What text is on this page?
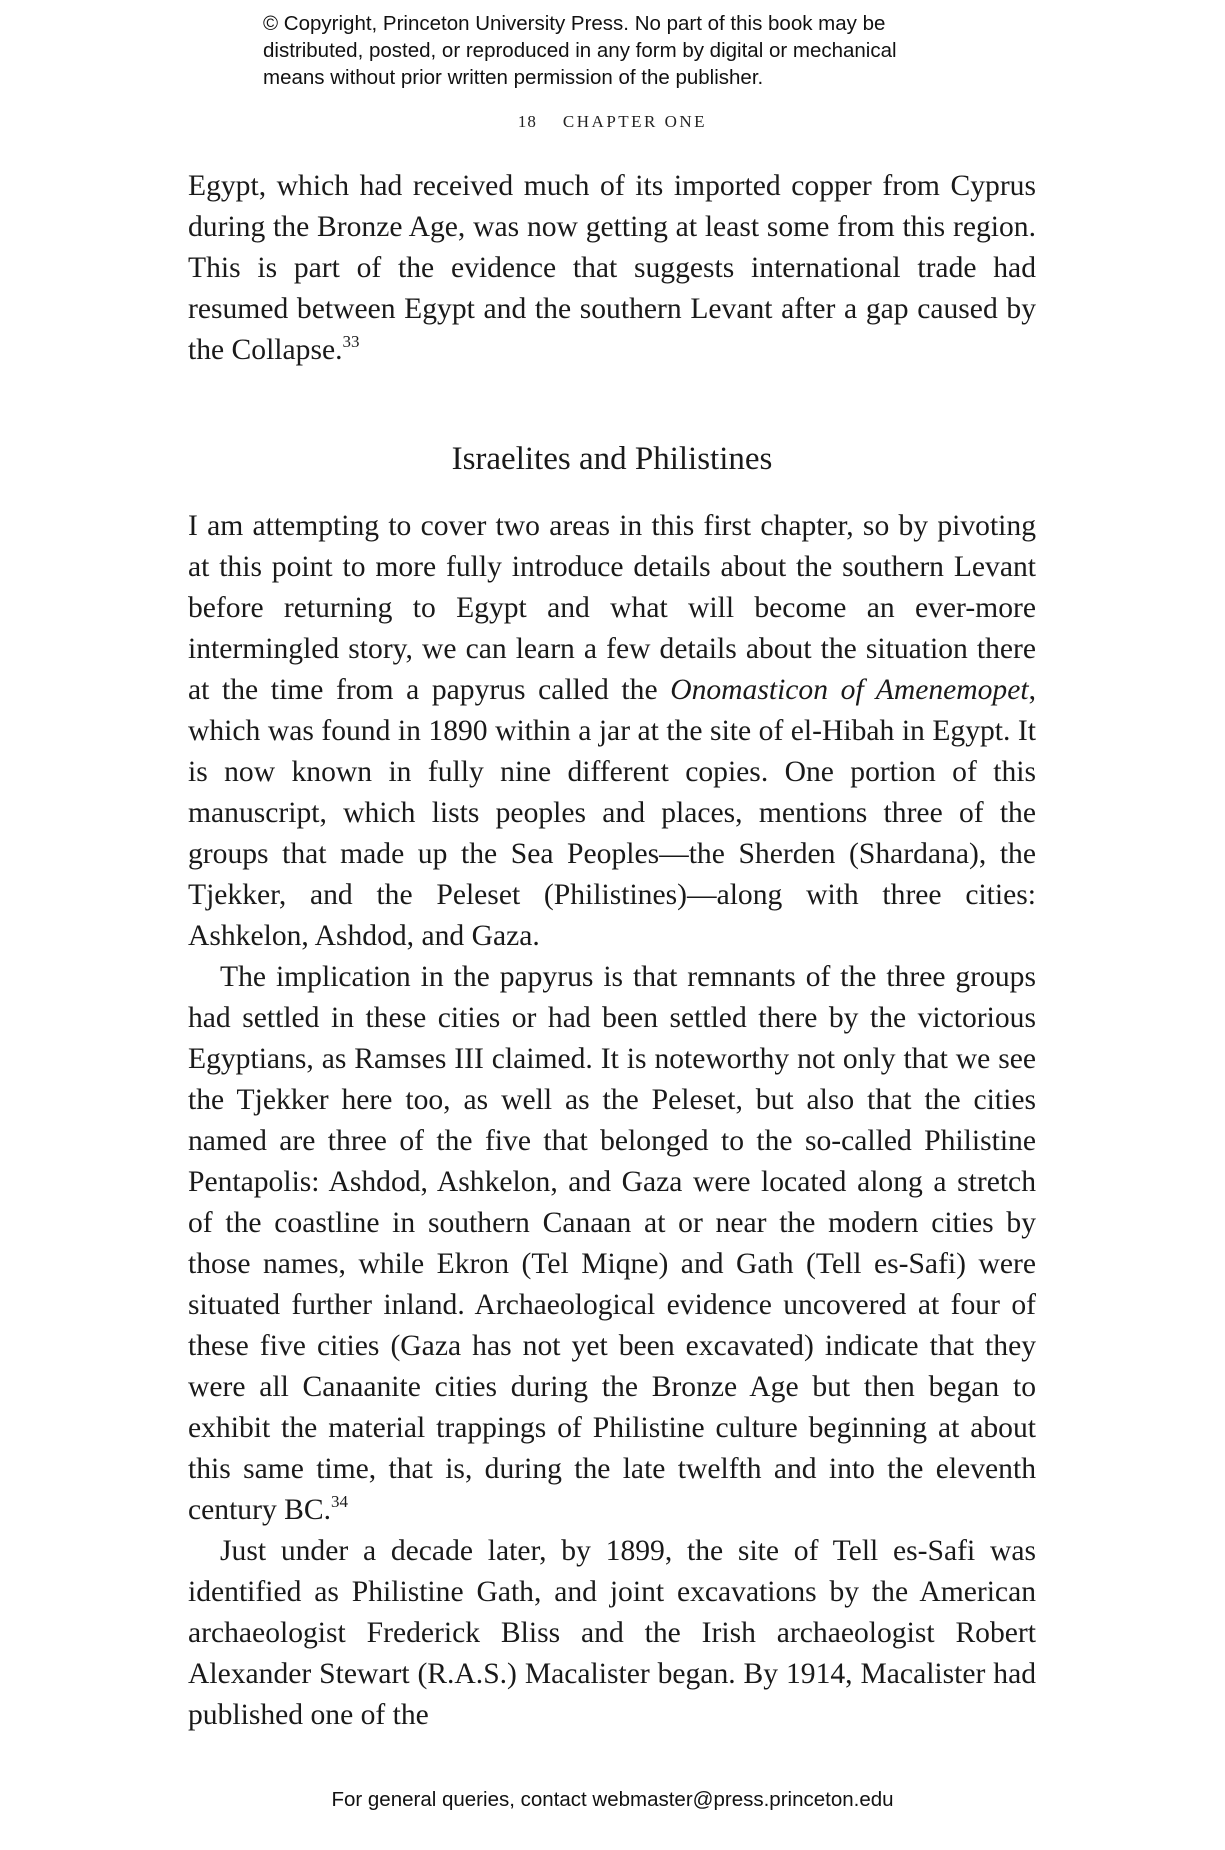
© Copyright, Princeton University Press. No part of this book may be
distributed, posted, or reproduced in any form by digital or mechanical
means without prior written permission of the publisher.
18 CHAPTER ONE

Egypt, which had received much of its imported copper from Cyprus during the Bronze Age, was now getting at least some from this region. This is part of the evidence that suggests international trade had resumed between Egypt and the southern Levant after a gap caused by the Collapse.$^{33}$

Israelites and Philistines

I am attempting to cover two areas in this first chapter, so by pivoting at this point to more fully introduce details about the southern Levant before returning to Egypt and what will become an ever-more intermingled story, we can learn a few details about the situation there at the time from a papyrus called the Onomasticon of Amenemopet, which was found in 1890 within a jar at the site of el-Hibah in Egypt. It is now known in fully nine different copies. One portion of this manuscript, which lists peoples and places, mentions three of the groups that made up the Sea Peoples—the Sherden (Shardana), the Tjekker, and the Peleset (Philistines)—along with three cities: Ashkelon, Ashdod, and Gaza.

The implication in the papyrus is that remnants of the three groups had settled in these cities or had been settled there by the victorious Egyptians, as Ramses III claimed. It is noteworthy not only that we see the Tjekker here too, as well as the Peleset, but also that the cities named are three of the five that belonged to the so-called Philistine Pentapolis: Ashdod, Ashkelon, and Gaza were located along a stretch of the coastline in southern Canaan at or near the modern cities by those names, while Ekron (Tel Miqne) and Gath (Tell es-Safi) were situated further inland. Archaeological evidence uncovered at four of these five cities (Gaza has not yet been excavated) indicate that they were all Canaanite cities during the Bronze Age but then began to exhibit the material trappings of Philistine culture beginning at about this same time, that is, during the late twelfth and into the eleventh century BC.$^{34}$

Just under a decade later, by 1899, the site of Tell es-Safi was identified as Philistine Gath, and joint excavations by the American archaeologist Frederick Bliss and the Irish archaeologist Robert Alexander Stewart (R.A.S.) Macalister began. By 1914, Macalister had published one of the

For general queries, contact webmaster@press.princeton.edu
